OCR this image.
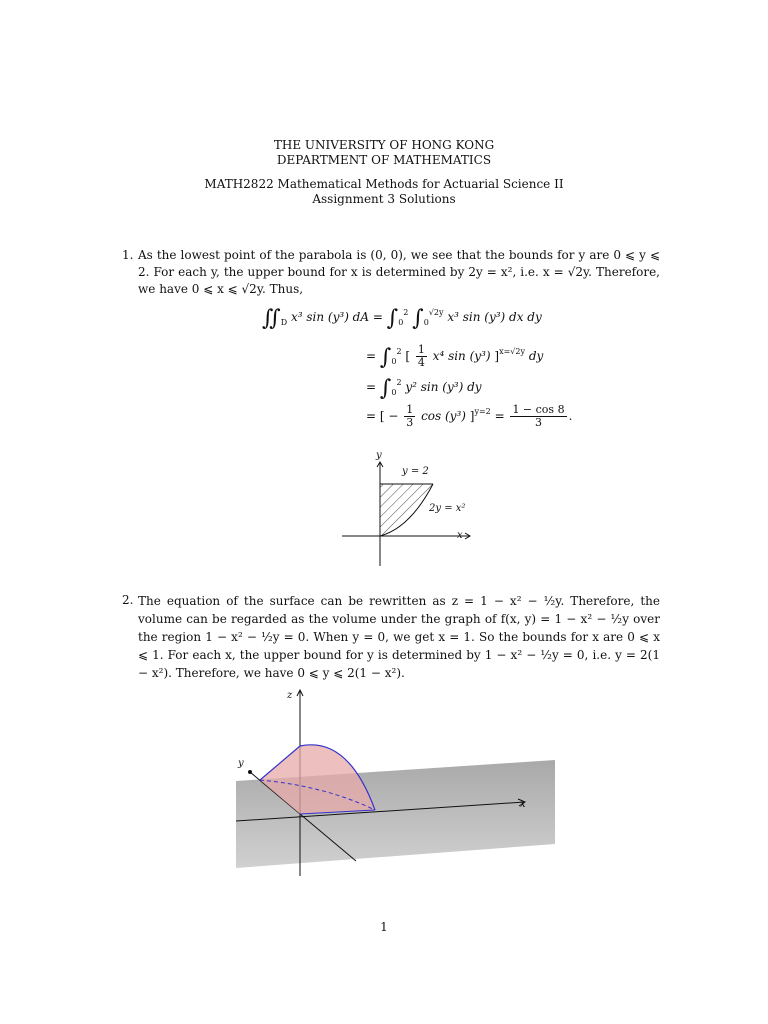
THE UNIVERSITY OF HONG KONG
DEPARTMENT OF MATHEMATICS
MATH2822 Mathematical Methods for Actuarial Science II
Assignment 3 Solutions
1. As the lowest point of the parabola is (0, 0), we see that the bounds for y are 0 ⩽ y ⩽ 2. For each y, the upper bound for x is determined by 2y = x², i.e. x = √2y. Therefore, we have 0 ⩽ x ⩽ √2y. Thus,
$∬_D$ x³ sin (y³) dA = $\int_0^2$ $\int_0^{√2y}$ x³ sin (y³) dx dy
= $\int_0^2$ [ $\frac{1}{4} x^4$ sin (y³) ]$^{x=√2y}$ dy
= $\int_0^2$ y² sin (y³) dy
= [ − $\frac{1}{3}$ cos (y³) ]$^{y=2} = \frac{1 - \cos 8}{3}$ .
y
x
y = 2
2y = x²
2. The equation of the surface can be rewritten as z = 1 − x² − ½y. Therefore, the volume can be regarded as the volume under the graph of f(x, y) = 1 − x² − ½y over the region 1 − x² − ½y = 0. When y = 0, we get x = 1. So the bounds for x are 0 ⩽ x ⩽ 1. For each x, the upper bound for y is determined by 1 − x² − ½y = 0, i.e. y = 2(1 − x²). Therefore, we have 0 ⩽ y ⩽ 2(1 − x²).
z
y
x
1
